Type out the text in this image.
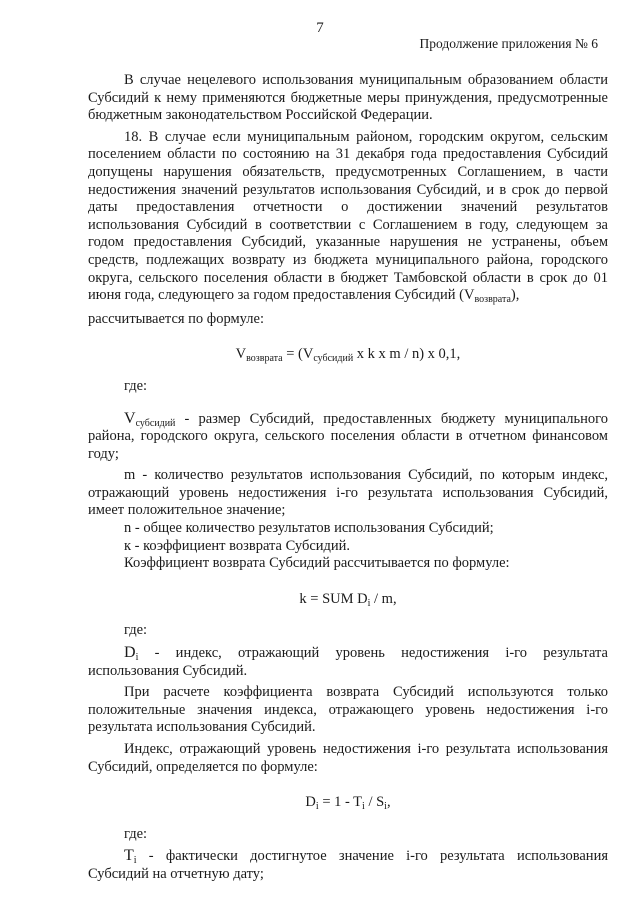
7
Продолжение приложения № 6

В случае нецелевого использования муниципальным образованием области Субсидий к нему применяются бюджетные меры принуждения, предусмотренные бюджетным законодательством Российской Федерации.

18. В случае если муниципальным районом, городским округом, сельским поселением области по состоянию на 31 декабря года предоставления Субсидий допущены нарушения обязательств, предусмотренных Соглашением, в части недостижения значений результатов использования Субсидий, и в срок до первой даты предоставления отчетности о достижении значений результатов использования Субсидий в соответствии с Соглашением в году, следующем за годом предоставления Субсидий, указанные нарушения не устранены, объем средств, подлежащих возврату из бюджета муниципального района, городского округа, сельского поселения области в бюджет Тамбовской области в срок до 01 июня года, следующего за годом предоставления Субсидий $(V_{возврата})$,

рассчитывается по формуле:

$V_{возврата} = (V_{субсидий}$ x k x m / n) x 0,1,

где:

$V_{субсидий}$ - размер Субсидий, предоставленных бюджету муниципального района, городского округа, сельского поселения области в отчетном финансовом году;

m - количество результатов использования Субсидий, по которым индекс, отражающий уровень недостижения i-го результата использования Субсидий, имеет положительное значение;

n - общее количество результатов использования Субсидий;

к - коэффициент возврата Субсидий.

Коэффициент возврата Субсидий рассчитывается по формуле:

k = SUM $D_i$ / m,

где:

$D_i$ - индекс, отражающий уровень недостижения i-го результата использования Субсидий.

При расчете коэффициента возврата Субсидий используются только положительные значения индекса, отражающего уровень недостижения i-го результата использования Субсидий.

Индекс, отражающий уровень недостижения i-го результата использования Субсидий, определяется по формуле:

$D_i = 1 - T_i / S_i$,

где:

$T_i$ - фактически достигнутое значение i-го результата использования Субсидий на отчетную дату;
